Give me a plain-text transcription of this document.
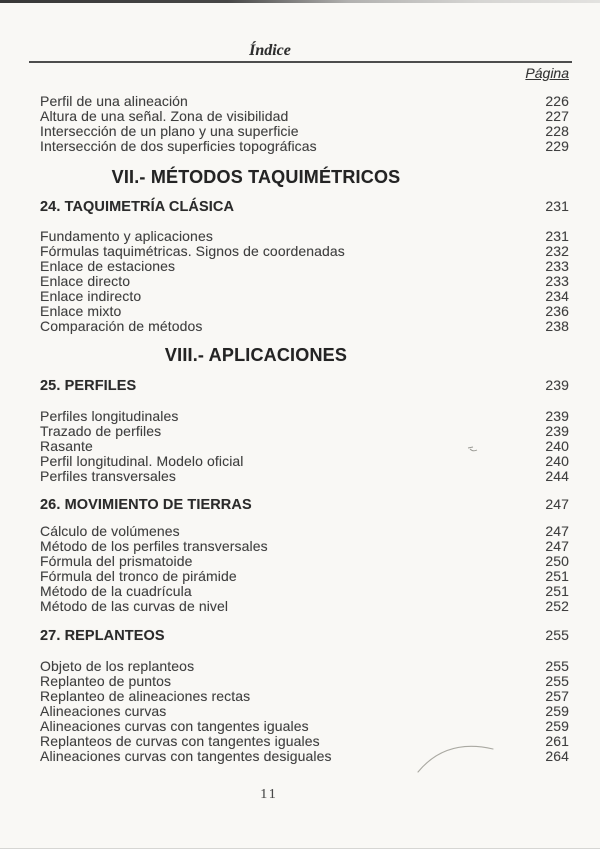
Índice
Página
Perfil de una alineación	226
Altura de una señal. Zona de visibilidad	227
Intersección de un plano y una superficie	228
Intersección de dos superficies topográficas	229
VII.- MÉTODOS TAQUIMÉTRICOS
24. TAQUIMETRÍA CLÁSICA	231
Fundamento y aplicaciones	231
Fórmulas taquimétricas. Signos de coordenadas	232
Enlace de estaciones	233
Enlace directo	233
Enlace indirecto	234
Enlace mixto	236
Comparación de métodos	238
VIII.- APLICACIONES
25. PERFILES	239
Perfiles longitudinales	239
Trazado de perfiles	239
Rasante	240
Perfil longitudinal. Modelo oficial	240
Perfiles transversales	244
26. MOVIMIENTO DE TIERRAS	247
Cálculo de volúmenes	247
Método de los perfiles transversales	247
Fórmula del prismatoide	250
Fórmula del tronco de pirámide	251
Método de la cuadrícula	251
Método de las curvas de nivel	252
27. REPLANTEOS	255
Objeto de los replanteos	255
Replanteo de puntos	255
Replanteo de alineaciones rectas	257
Alineaciones curvas	259
Alineaciones curvas con tangentes iguales	259
Replanteos de curvas con tangentes iguales	261
Alineaciones curvas con tangentes desiguales	264
11
